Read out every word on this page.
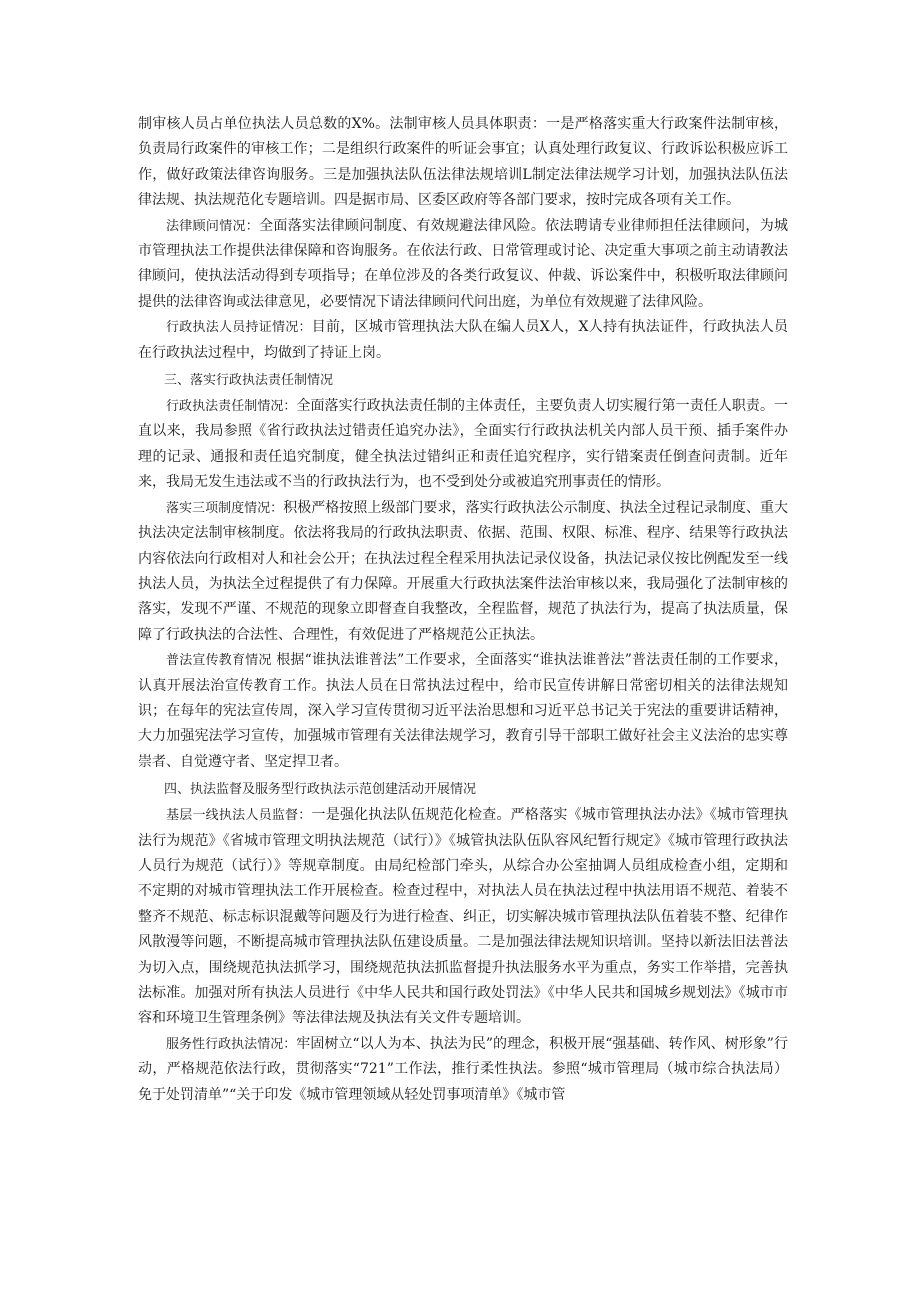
制审核人员占单位执法人员总数的X%。法制审核人员具体职责：一是严格落实重大行政案件法制审核，负责局行政案件的审核工作；二是组织行政案件的听证会事宜；认真处理行政复议、行政诉讼积极应诉工作，做好政策法律咨询服务。三是加强执法队伍法律法规培训L制定法律法规学习计划，加强执法队伍法律法规、执法规范化专题培训。四是据市局、区委区政府等各部门要求，按时完成各项有关工作。

法律顾问情况：全面落实法律顾问制度、有效规避法律风险。依法聘请专业律师担任法律顾问，为城市管理执法工作提供法律保障和咨询服务。在依法行政、日常管理或讨论、决定重大事项之前主动请教法律顾问，使执法活动得到专项指导；在单位涉及的各类行政复议、仲裁、诉讼案件中，积极听取法律顾问提供的法律咨询或法律意见，必要情况下请法律顾问代问出庭，为单位有效规避了法律风险。

行政执法人员持证情况：目前，区城市管理执法大队在编人员X人，X人持有执法证件，行政执法人员在行政执法过程中，均做到了持证上岗。

三、落实行政执法责任制情况

行政执法责任制情况：全面落实行政执法责任制的主体责任，主要负责人切实履行第一责任人职责。一直以来，我局参照《省行政执法过错责任追究办法》，全面实行行政执法机关内部人员干预、插手案件办理的记录、通报和责任追究制度，健全执法过错纠正和责任追究程序，实行错案责任倒查问责制。近年来，我局无发生违法或不当的行政执法行为，也不受到处分或被追究刑事责任的情形。

落实三项制度情况：积极严格按照上级部门要求，落实行政执法公示制度、执法全过程记录制度、重大执法决定法制审核制度。依法将我局的行政执法职责、依据、范围、权限、标准、程序、结果等行政执法内容依法向行政相对人和社会公开；在执法过程全程采用执法记录仪设备，执法记录仪按比例配发至一线执法人员，为执法全过程提供了有力保障。开展重大行政执法案件法治审核以来，我局强化了法制审核的落实，发现不严谨、不规范的现象立即督查自我整改，全程监督，规范了执法行为，提高了执法质量，保障了行政执法的合法性、合理性，有效促进了严格规范公正执法。

普法宣传教育情况 根据“谁执法谁普法”工作要求，全面落实“谁执法谁普法”普法责任制的工作要求，认真开展法治宣传教育工作。执法人员在日常执法过程中，给市民宣传讲解日常密切相关的法律法规知识；在每年的宪法宣传周，深入学习宣传贯彻习近平法治思想和习近平总书记关于宪法的重要讲话精神，大力加强宪法学习宣传，加强城市管理有关法律法规学习，教育引导干部职工做好社会主义法治的忠实尊崇者、自觉遵守者、坚定捍卫者。

四、执法监督及服务型行政执法示范创建活动开展情况

基层一线执法人员监督：一是强化执法队伍规范化检查。严格落实《城市管理执法办法》《城市管理执法行为规范》《省城市管理文明执法规范（试行）》《城管执法队伍队容风纪暂行规定》《城市管理行政执法人员行为规范（试行）》等规章制度。由局纪检部门牵头，从综合办公室抽调人员组成检查小组，定期和不定期的对城市管理执法工作开展检查。检查过程中，对执法人员在执法过程中执法用语不规范、着装不整齐不规范、标志标识混戴等问题及行为进行检查、纠正，切实解决城市管理执法队伍着装不整、纪律作风散漫等问题，不断提高城市管理执法队伍建设质量。二是加强法律法规知识培训。坚持以新法旧法普法为切入点，围绕规范执法抓学习，围绕规范执法抓监督提升执法服务水平为重点，务实工作举措，完善执法标准。加强对所有执法人员进行《中华人民共和国行政处罚法》《中华人民共和国城乡规划法》《城市市容和环境卫生管理条例》等法律法规及执法有关文件专题培训。

服务性行政执法情况：牢固树立“以人为本、执法为民”的理念，积极开展“强基础、转作风、树形象”行动，严格规范依法行政，贯彻落实“721”工作法，推行柔性执法。参照“城市管理局（城市综合执法局）免于处罚清单”“关于印发《城市管理领域从轻处罚事项清单》《城市管
